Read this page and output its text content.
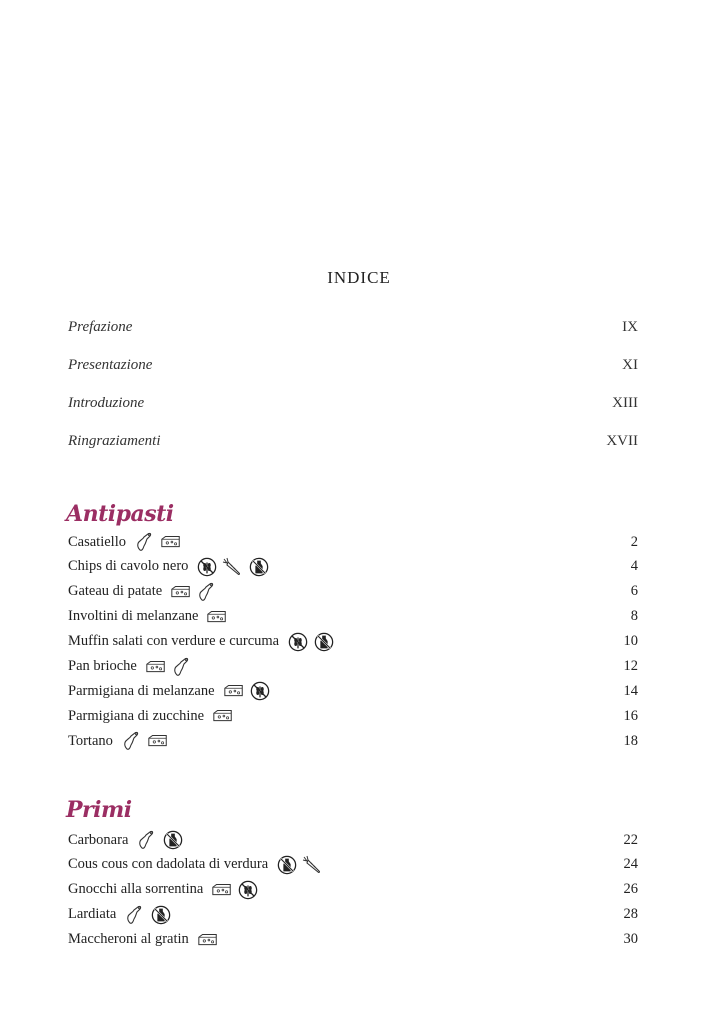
INDICE
Prefazione	IX
Presentazione	XI
Introduzione	XIII
Ringraziamenti	XVII
Antipasti
Casatiello	2
Chips di cavolo nero	4
Gateau di patate	6
Involtini di melanzane	8
Muffin salati con verdure e curcuma	10
Pan brioche	12
Parmigiana di melanzane	14
Parmigiana di zucchine	16
Tortano	18
Primi
Carbonara	22
Cous cous con dadolata di verdura	24
Gnocchi alla sorrentina	26
Lardiata	28
Maccheroni al gratin	30
